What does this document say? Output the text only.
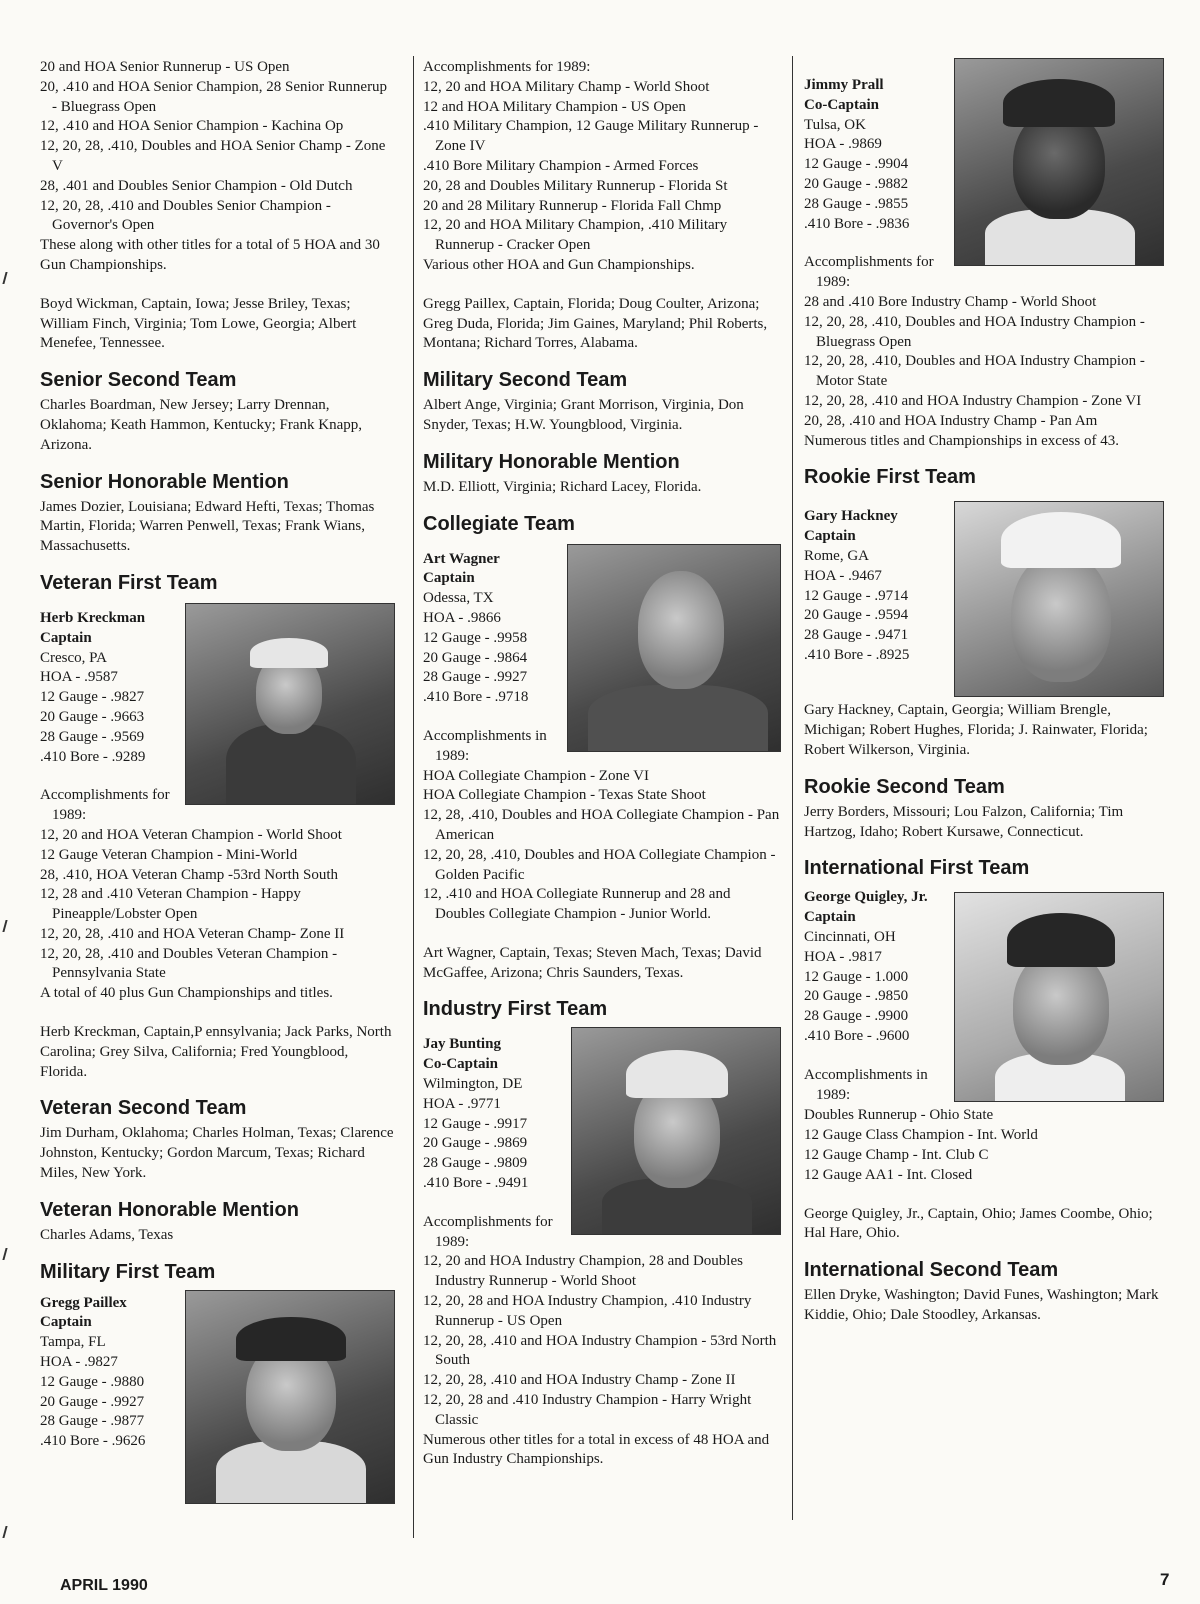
20 and HOA Senior Runnerup - US Open

20, .410 and HOA Senior Champion, 28 Senior Runnerup - Bluegrass Open

12, .410 and HOA Senior Champion - Kachina Op

12, 20, 28, .410, Doubles and HOA Senior Champ - Zone V

28, .401 and Doubles Senior Champion - Old Dutch

12, 20, 28, .410 and Doubles Senior Champion - Governor's Open

These along with other titles for a total of 5 HOA and 30 Gun Championships.

Boyd Wickman, Captain, Iowa; Jesse Briley, Texas; William Finch, Virginia; Tom Lowe, Georgia; Albert Menefee, Tennessee.

Senior Second Team

Charles Boardman, New Jersey; Larry Drennan, Oklahoma; Keath Hammon, Kentucky; Frank Knapp, Arizona.

Senior Honorable Mention

James Dozier, Louisiana; Edward Hefti, Texas; Thomas Martin, Florida; Warren Penwell, Texas; Frank Wians, Massachusetts.

Veteran First Team

Herb Kreckman

Captain

Cresco, PA

HOA - .9587

12 Gauge - .9827

20 Gauge - .9663

28 Gauge - .9569

.410 Bore - .9289

Accomplishments for 1989:

12, 20 and HOA Veteran Champion - World Shoot

12 Gauge Veteran Champion - Mini-World

28, .410, HOA Veteran Champ -53rd North South

12, 28 and .410 Veteran Champion - Happy Pineapple/Lobster Open

12, 20, 28, .410 and HOA Veteran Champ- Zone II

12, 20, 28, .410 and Doubles Veteran Champion - Pennsylvania State

A total of 40 plus Gun Championships and titles.

Herb Kreckman, Captain,P ennsylvania; Jack Parks, North Carolina; Grey Silva, California; Fred Youngblood, Florida.

Veteran Second Team

Jim Durham, Oklahoma; Charles Holman, Texas; Clarence Johnston, Kentucky; Gordon Marcum, Texas; Richard Miles, New York.

Veteran Honorable Mention

Charles Adams, Texas

Military First Team

Gregg Paillex

Captain

Tampa, FL

HOA - .9827

12 Gauge - .9880

20 Gauge - .9927

28 Gauge - .9877

.410 Bore - .9626

Accomplishments for 1989:

12, 20 and HOA Military Champ - World Shoot

12 and HOA Military Champion - US Open

.410 Military Champion, 12 Gauge Military Runnerup - Zone IV

.410 Bore Military Champion - Armed Forces

20, 28 and Doubles Military Runnerup - Florida St

20 and 28 Military Runnerup - Florida Fall Chmp

12, 20 and HOA Military Champion, .410 Military Runnerup - Cracker Open

Various other HOA and Gun Championships.

Gregg Paillex, Captain, Florida; Doug Coulter, Arizona; Greg Duda, Florida; Jim Gaines, Maryland; Phil Roberts, Montana; Richard Torres, Alabama.

Military Second Team

Albert Ange, Virginia; Grant Morrison, Virginia, Don Snyder, Texas; H.W. Youngblood, Virginia.

Military Honorable Mention

M.D. Elliott, Virginia; Richard Lacey, Florida.

Collegiate Team

Art Wagner

Captain

Odessa, TX

HOA - .9866

12 Gauge - .9958

20 Gauge - .9864

28 Gauge - .9927

.410 Bore - .9718

Accomplishments in 1989:

HOA Collegiate Champion - Zone VI

HOA Collegiate Champion - Texas State Shoot

12, 28, .410, Doubles and HOA Collegiate Champion - Pan American

12, 20, 28, .410, Doubles and HOA Collegiate Champion - Golden Pacific

12, .410 and HOA Collegiate Runnerup and 28 and Doubles Collegiate Champion - Junior World.

Art Wagner, Captain, Texas; Steven Mach, Texas; David McGaffee, Arizona; Chris Saunders, Texas.

Industry First Team

Jay Bunting

Co-Captain

Wilmington, DE

HOA - .9771

12 Gauge - .9917

20 Gauge - .9869

28 Gauge - .9809

.410 Bore - .9491

Accomplishments for 1989:

12, 20 and HOA Industry Champion, 28 and Doubles Industry Runnerup - World Shoot

12, 20, 28 and HOA Industry Champion, .410 Industry Runnerup - US Open

12, 20, 28, .410 and HOA Industry Champion - 53rd North South

12, 20, 28, .410 and HOA Industry Champ - Zone II

12, 20, 28 and .410 Industry Champion - Harry Wright Classic

Numerous other titles for a total in excess of 48 HOA and Gun Industry Championships.

Jimmy Prall

Co-Captain

Tulsa, OK

HOA - .9869

12 Gauge - .9904

20 Gauge - .9882

28 Gauge - .9855

.410 Bore - .9836

Accomplishments for 1989:

28 and .410 Bore Industry Champ - World Shoot

12, 20, 28, .410, Doubles and HOA Industry Champion - Bluegrass Open

12, 20, 28, .410, Doubles and HOA Industry Champion - Motor State

12, 20, 28, .410 and HOA Industry Champion - Zone VI

20, 28, .410 and HOA Industry Champ - Pan Am

Numerous titles and Championships in excess of 43.

Rookie First Team

Gary Hackney

Captain

Rome, GA

HOA - .9467

12 Gauge - .9714

20 Gauge - .9594

28 Gauge - .9471

.410 Bore - .8925

Gary Hackney, Captain, Georgia; William Brengle, Michigan; Robert Hughes, Florida; J. Rainwater, Florida; Robert Wilkerson, Virginia.

Rookie Second Team

Jerry Borders, Missouri; Lou Falzon, California; Tim Hartzog, Idaho; Robert Kursawe, Connecticut.

International First Team

George Quigley, Jr.

Captain

Cincinnati, OH

HOA - .9817

12 Gauge - 1.000

20 Gauge - .9850

28 Gauge - .9900

.410 Bore - .9600

Accomplishments in 1989:

Doubles Runnerup - Ohio State

12 Gauge Class Champion - Int. World

12 Gauge Champ - Int. Club C

12 Gauge AA1 - Int. Closed

George Quigley, Jr., Captain, Ohio; James Coombe, Ohio; Hal Hare, Ohio.

International Second Team

Ellen Dryke, Washington; David Funes, Washington; Mark Kiddie, Ohio; Dale Stoodley, Arkansas.

APRIL 1990	7
